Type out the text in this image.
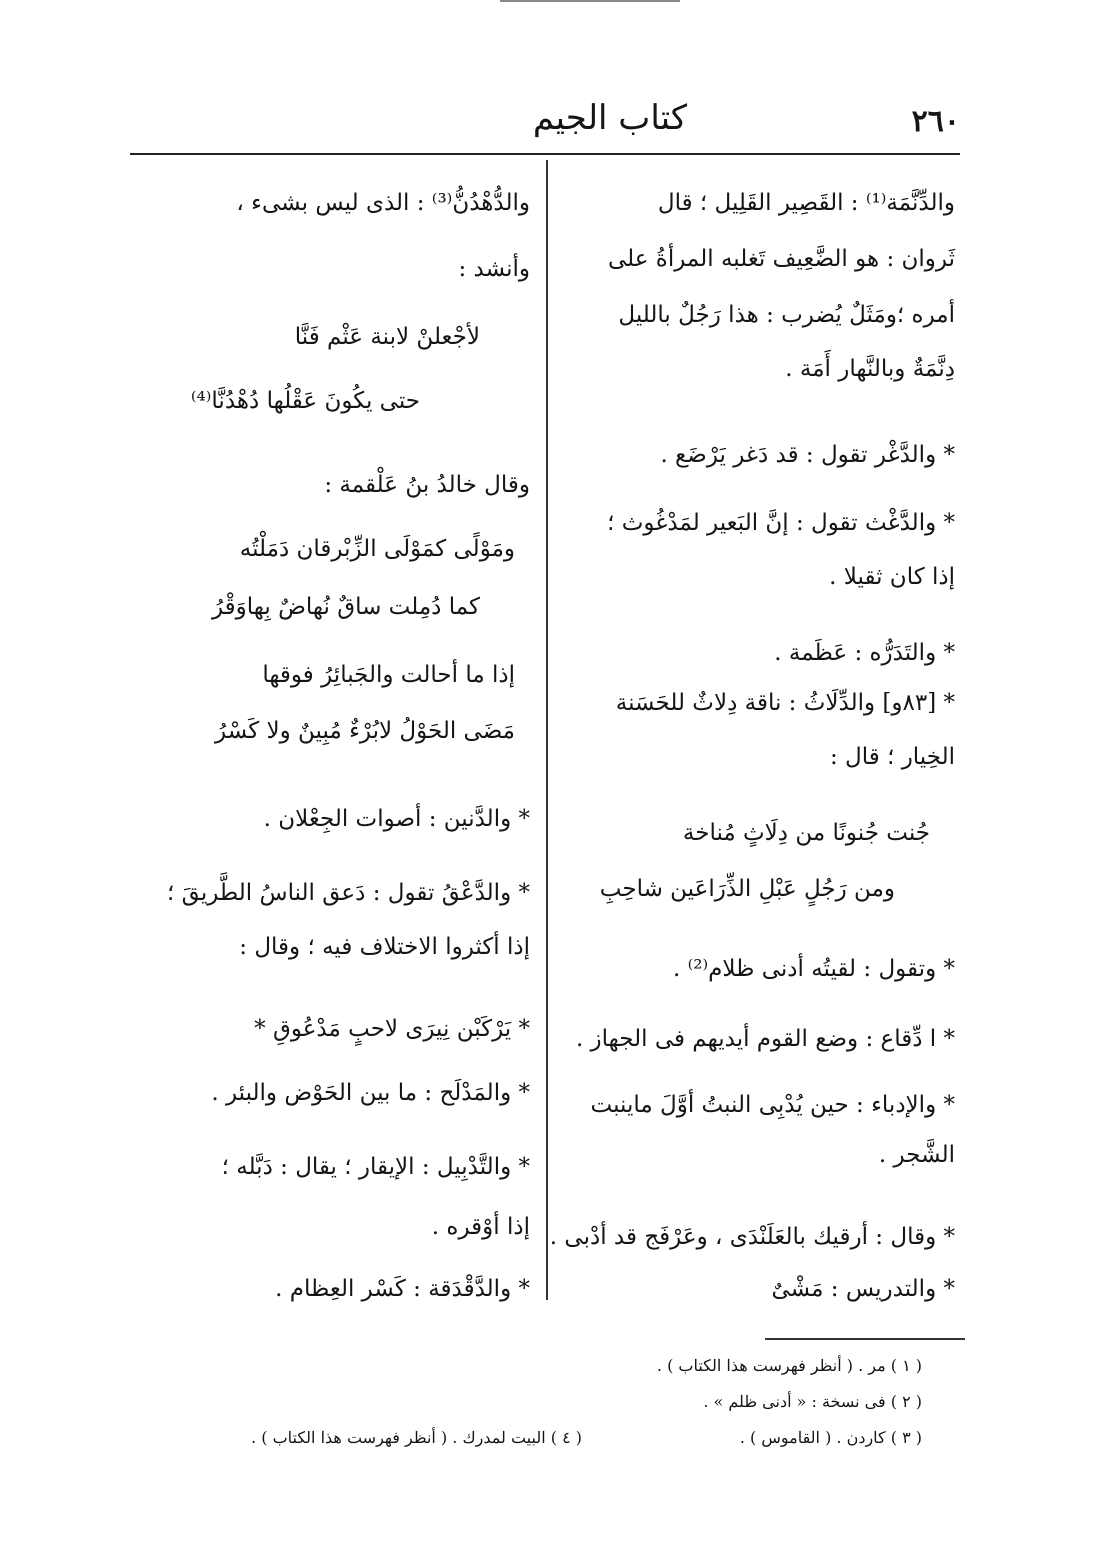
٢٦٠
كتاب الجيم
والدِّنَّمَة⁽¹⁾ : القَصِير القَلِيل ؛ قال
ثَروان : هو الضَّعِيف تَغلبه المرأةُ على
أمره ؛ومَثَلٌ يُضرب : هذا رَجُلٌ بالليل
دِنَّمَةٌ وبالنَّهار أَمَة .
* والدَّغْر تقول : قد دَغر يَرْضَع .
* والدَّغْث تقول : إنَّ البَعير لمَدْغُوث ؛
إذا كان ثقيلا .
* والتَدَرُّه : عَظَمة .
* [٨٣و] والدِّلَاثُ : ناقة دِلاثٌ للحَسَنة
الخِيار ؛ قال :
جُنت جُنونًا من دِلَاثٍ مُناخة
ومن رَجُلٍ عَبْلِ الذِّرَاعَين شاحِبِ
* وتقول : لقيتُه أدنى ظلام⁽²⁾ .
* ا دِّقاع : وضع القوم أيديهم فى الجهاز .
* والإدباء : حين يُدْبِى النبتُ أوَّلَ ماينبت
الشَّجر .
* وقال : أرقيك بالعَلَنْدَى ، وعَرْفَج قد أدْبى .
* والتدريس : مَشْىٌ
والدُّهْدُنُّ⁽³⁾ : الذى ليس بشىء ،
وأنشد :
لأجْعلنْ لابنة عَثْم فَنَّا
حتى يكُونَ عَقْلُها دُهْدُنَّا⁽⁴⁾
وقال خالدُ بنُ عَلْقمة :
ومَوْلًى كمَوْلَى الزِّبْرقان دَمَلْتُه
كما دُمِلت ساقٌ نُهاضٌ بِهاوَقْرُ
إذا ما أحالت والجَبائِرُ فوقها
مَضَى الحَوْلُ لابُرْءٌ مُبِينٌ ولا كَسْرُ
* والدَّنين : أصوات الجِعْلان .
* والدَّعْقُ تقول : دَعق الناسُ الطَّريقَ ؛
إذا أكثروا الاختلاف فيه ؛ وقال :
* يَرْكَبْن نِيرَى لاحبٍ مَدْعُوقِ *
* والمَدْلَح : ما بين الحَوْض والبئر .
* والتَّدْبِيل : الإيقار ؛ يقال : دَبَّله ؛
إذا أوْقره .
* والدَّقْدَقة : كَسْر العِظام .
( ١ ) مر . ( أنظر فهرست هذا الكتاب ) .
( ٢ ) فى نسخة : « أدنى ظلم » .
( ٣ ) كاردن . ( القاموس ) .
( ٤ ) البيت لمدرك . ( أنظر فهرست هذا الكتاب ) .
